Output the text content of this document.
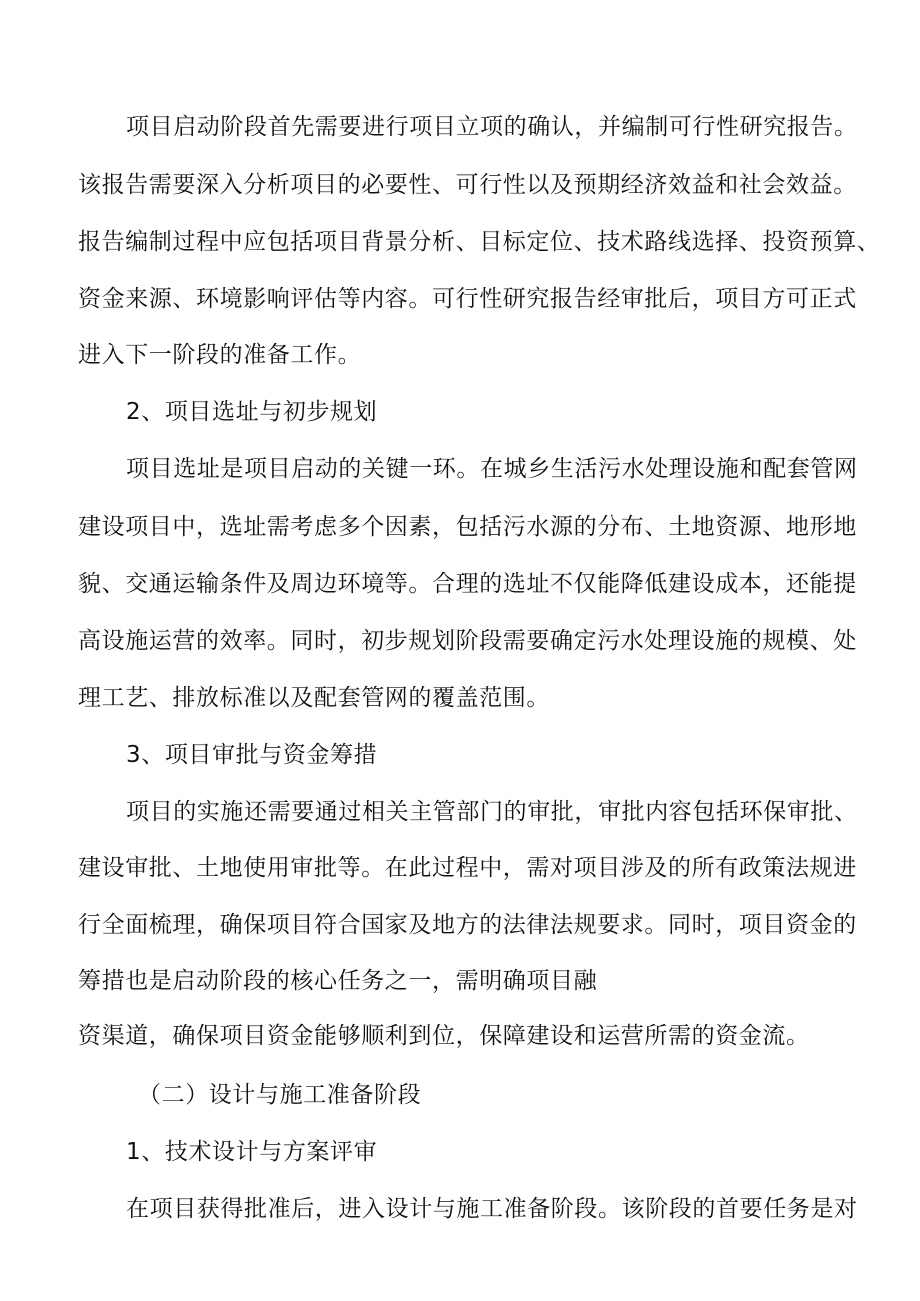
项目启动阶段首先需要进行项目立项的确认，并编制可行性研究报告。
该报告需要深入分析项目的必要性、可行性以及预期经济效益和社会效益。
报告编制过程中应包括项目背景分析、目标定位、技术路线选择、投资预算、
资金来源、环境影响评估等内容。可行性研究报告经审批后，项目方可正式
进入下一阶段的准备工作。
2、项目选址与初步规划
项目选址是项目启动的关键一环。在城乡生活污水处理设施和配套管网
建设项目中，选址需考虑多个因素，包括污水源的分布、土地资源、地形地
貌、交通运输条件及周边环境等。合理的选址不仅能降低建设成本，还能提
高设施运营的效率。同时，初步规划阶段需要确定污水处理设施的规模、处
理工艺、排放标准以及配套管网的覆盖范围。
3、项目审批与资金筹措
项目的实施还需要通过相关主管部门的审批，审批内容包括环保审批、
建设审批、土地使用审批等。在此过程中，需对项目涉及的所有政策法规进
行全面梳理，确保项目符合国家及地方的法律法规要求。同时，项目资金的
筹措也是启动阶段的核心任务之一，需明确项目融
资渠道，确保项目资金能够顺利到位，保障建设和运营所需的资金流。
（二）设计与施工准备阶段
1、技术设计与方案评审
在项目获得批准后，进入设计与施工准备阶段。该阶段的首要任务是对
